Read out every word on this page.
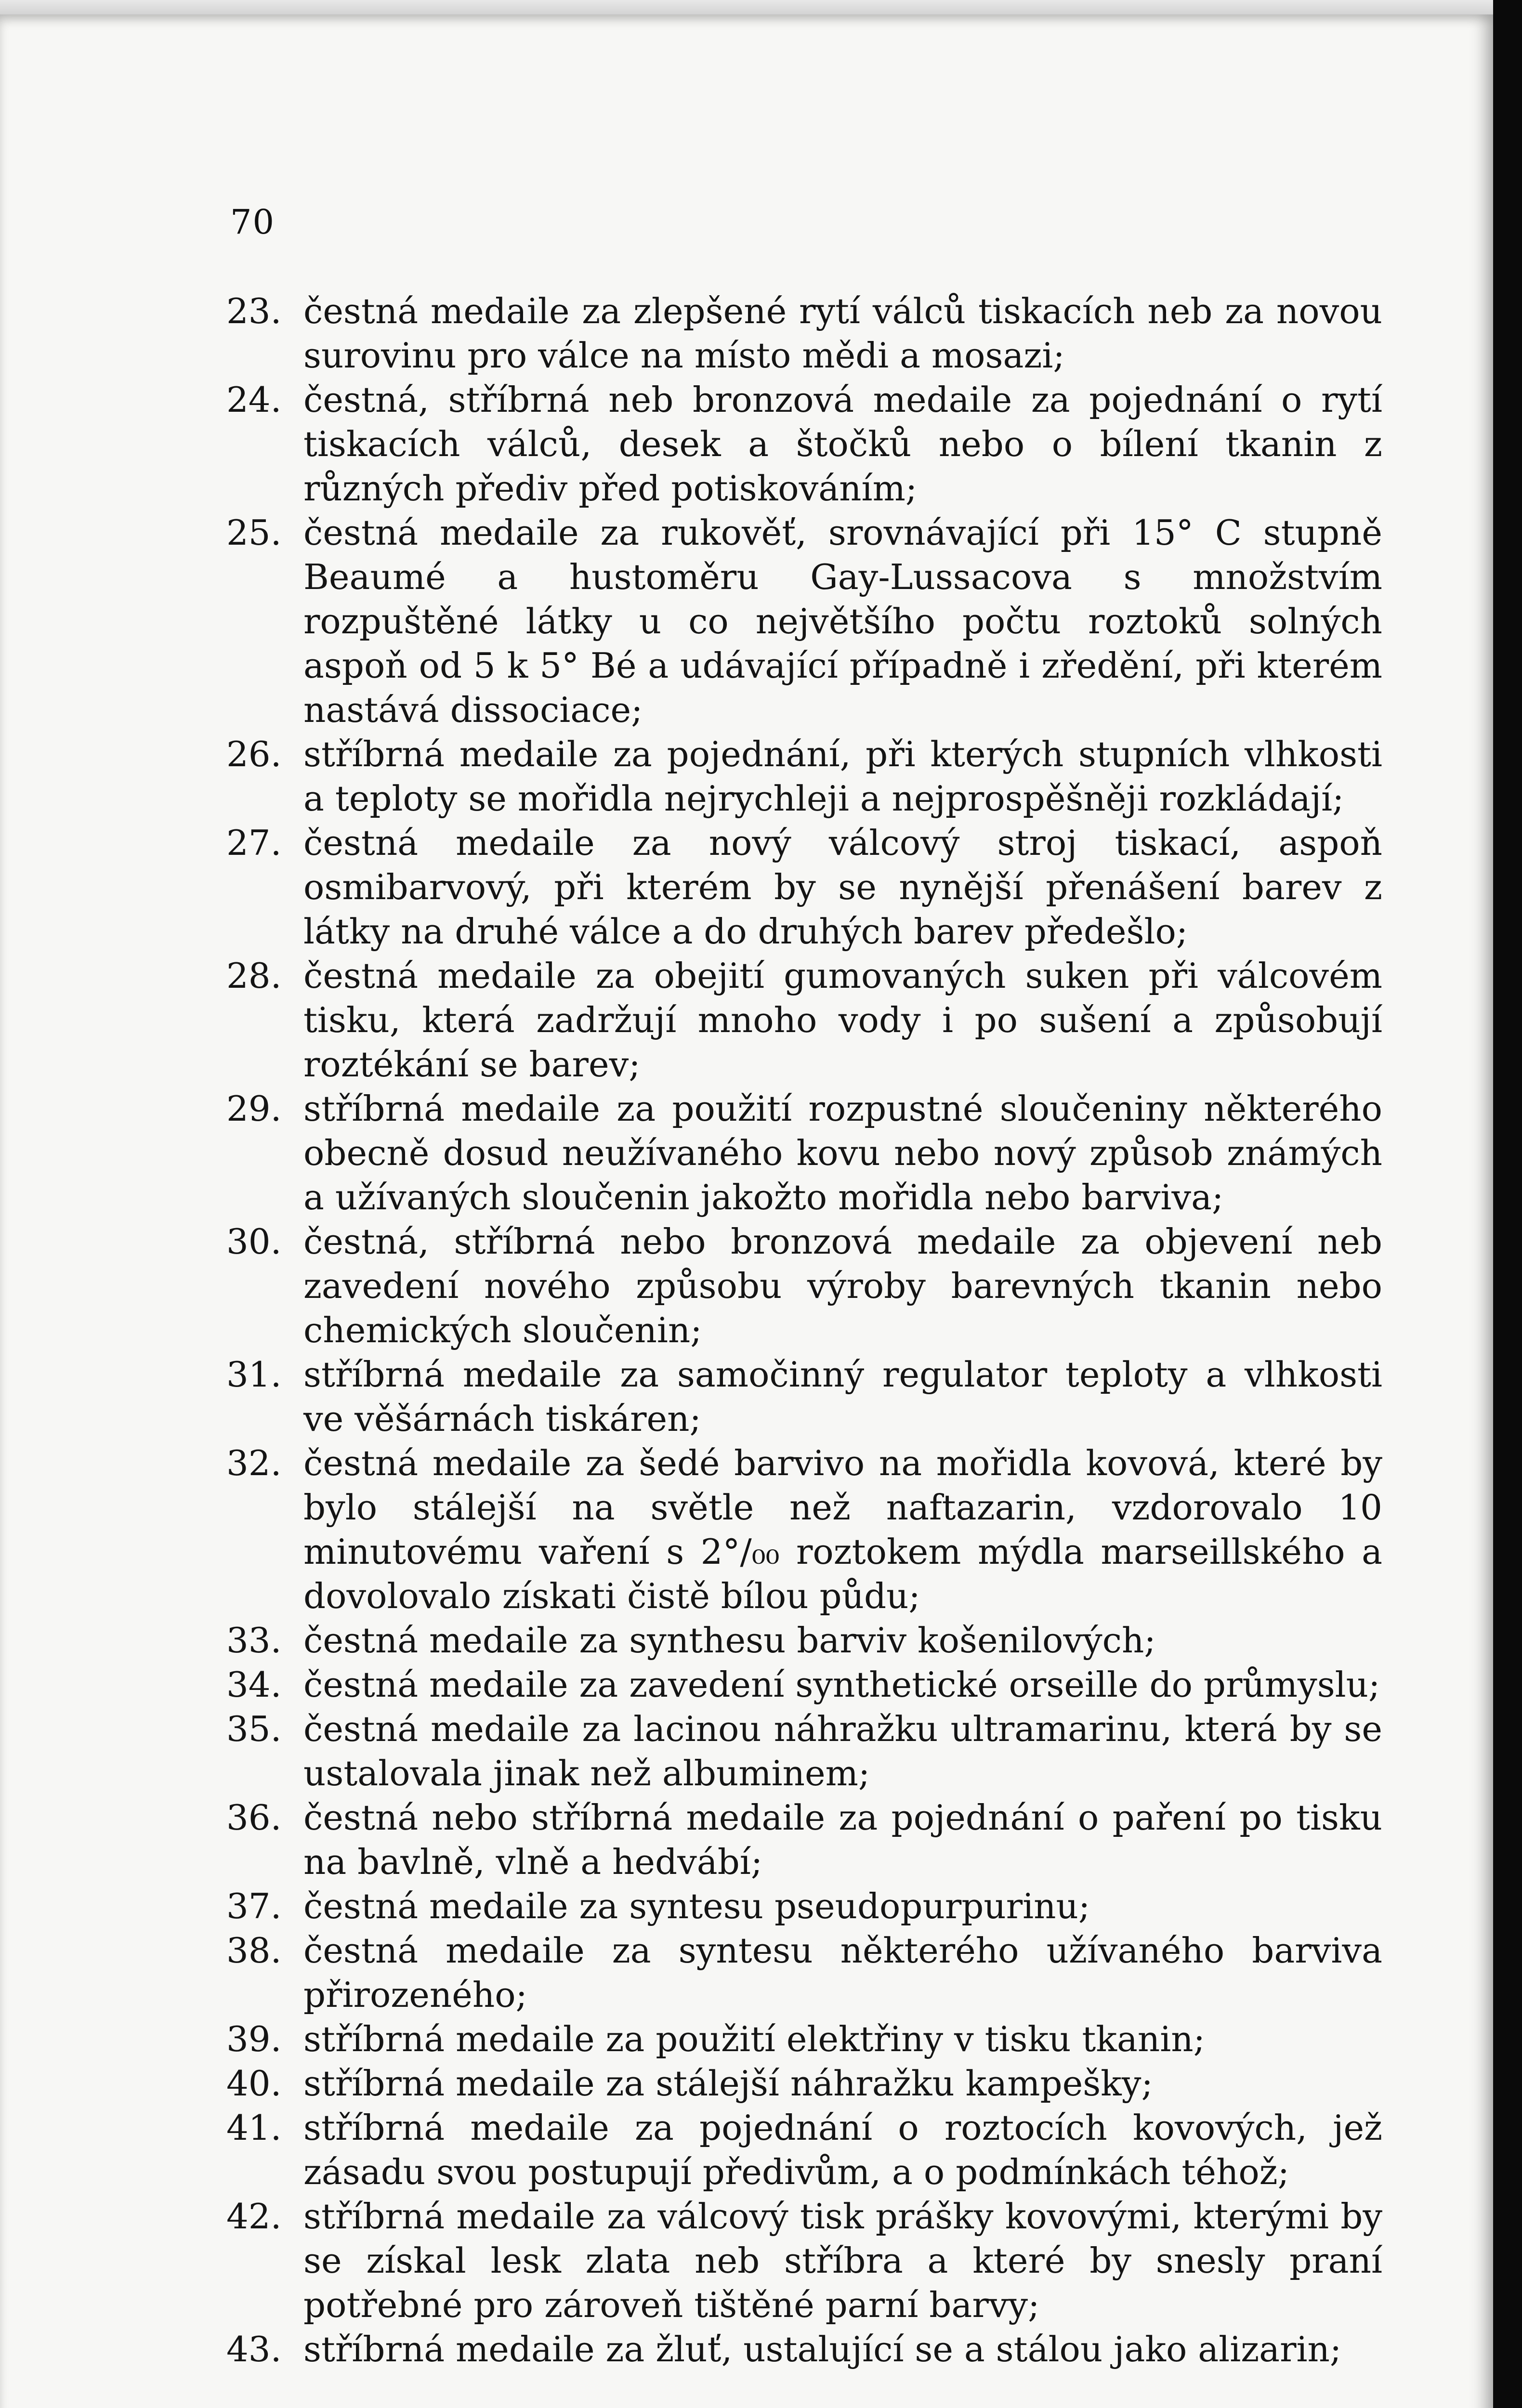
70
23. čestná medaile za zlepšené rytí válců tiskacích neb za novou surovinu pro válce na místo mědi a mosazi;
24. čestná, stříbrná neb bronzová medaile za pojednání o rytí tiskacích válců, desek a štočků nebo o bílení tkanin z různých přediv před potiskováním;
25. čestná medaile za rukověť, srovnávající při 15° C stupně Beaumé a hustoměru Gay-Lussacova s množstvím rozpuštěné látky u co největšího počtu roztoků solných aspoň od 5 k 5° Bé a udávající případně i zředění, při kterém nastává dissociace;
26. stříbrná medaile za pojednání, při kterých stupních vlhkosti a teploty se mořidla nejrychleji a nejprospěšněji rozkládají;
27. čestná medaile za nový válcový stroj tiskací, aspoň osmibarvový, při kterém by se nynější přenášení barev z látky na druhé válce a do druhých barev předešlo;
28. čestná medaile za obejití gumovaných suken při válcovém tisku, která zadržují mnoho vody i po sušení a způsobují roztékání se barev;
29. stříbrná medaile za použití rozpustné sloučeniny některého obecně dosud neužívaného kovu nebo nový způsob známých a užívaných sloučenin jakožto mořidla nebo barviva;
30. čestná, stříbrná nebo bronzová medaile za objevení neb zavedení nového způsobu výroby barevných tkanin nebo chemických sloučenin;
31. stříbrná medaile za samočinný regulator teploty a vlhkosti ve věšárnách tiskáren;
32. čestná medaile za šedé barvivo na mořidla kovová, které by bylo stálejší na světle než naftazarin, vzdorovalo 10 minutovému vaření s 2°/₀₀ roztokem mýdla marseillského a dovolovalo získati čistě bílou půdu;
33. čestná medaile za synthesu barviv košenilových;
34. čestná medaile za zavedení synthetické orseille do průmyslu;
35. čestná medaile za lacinou náhražku ultramarinu, která by se ustalovala jinak než albuminem;
36. čestná nebo stříbrná medaile za pojednání o paření po tisku na bavlně, vlně a hedvábí;
37. čestná medaile za syntesu pseudopurpurinu;
38. čestná medaile za syntesu některého užívaného barviva přirozeného;
39. stříbrná medaile za použití elektřiny v tisku tkanin;
40. stříbrná medaile za stálejší náhražku kampešky;
41. stříbrná medaile za pojednání o roztocích kovových, jež zásadu svou postupují předivům, a o podmínkách téhož;
42. stříbrná medaile za válcový tisk prášky kovovými, kterými by se získal lesk zlata neb stříbra a které by snesly praní potřebné pro zároveň tištěné parní barvy;
43. stříbrná medaile za žluť, ustalující se a stálou jako alizarin;
